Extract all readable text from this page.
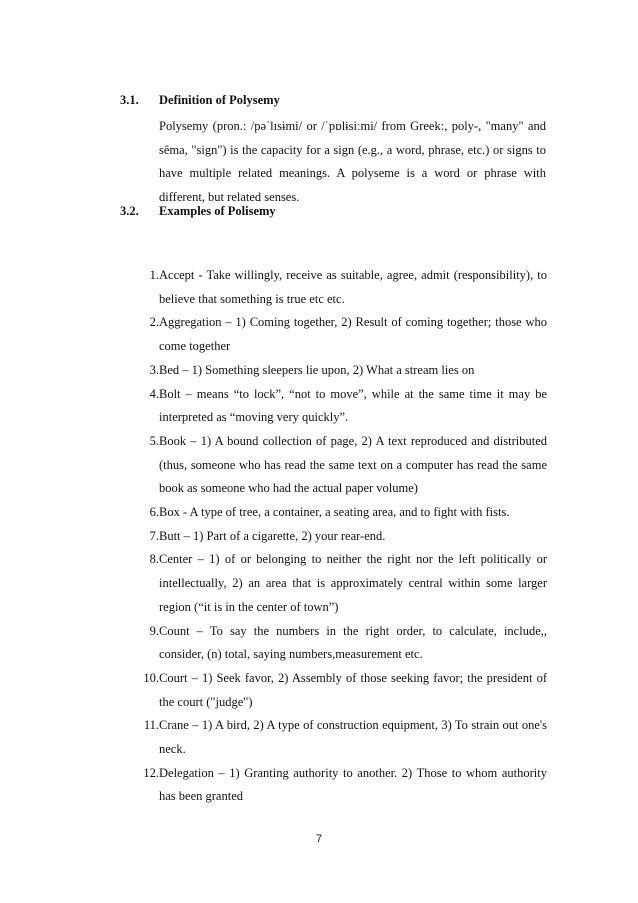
3.1. Definition of Polysemy
Polysemy (pron.: /pəˈlɪsɨmi/ or /ˈpɒlɨsiːmi/ from Greek:, poly-, "many" and sêma, "sign") is the capacity for a sign (e.g., a word, phrase, etc.) or signs to have multiple related meanings. A polyseme is a word or phrase with different, but related senses.
3.2. Examples of Polisemy
1. Accept - Take willingly, receive as suitable, agree, admit (responsibility), to believe that something is true etc etc.
2. Aggregation – 1) Coming together, 2) Result of coming together; those who come together
3. Bed – 1) Something sleepers lie upon, 2) What a stream lies on
4. Bolt – means “to lock”, “not to move”, while at the same time it may be interpreted as “moving very quickly”.
5. Book – 1) A bound collection of page, 2) A text reproduced and distributed (thus, someone who has read the same text on a computer has read the same book as someone who had the actual paper volume)
6. Box - A type of tree, a container, a seating area, and to fight with fists.
7. Butt – 1) Part of a cigarette, 2) your rear-end.
8. Center – 1) of or belonging to neither the right nor the left politically or intellectually, 2) an area that is approximately central within some larger region (“it is in the center of town”)
9. Count – To say the numbers in the right order, to calculate, include,, consider, (n) total, saying numbers,measurement etc.
10. Court – 1) Seek favor, 2) Assembly of those seeking favor; the president of the court ("judge")
11. Crane – 1) A bird, 2) A type of construction equipment, 3) To strain out one's neck.
12. Delegation – 1) Granting authority to another. 2) Those to whom authority has been granted
7
